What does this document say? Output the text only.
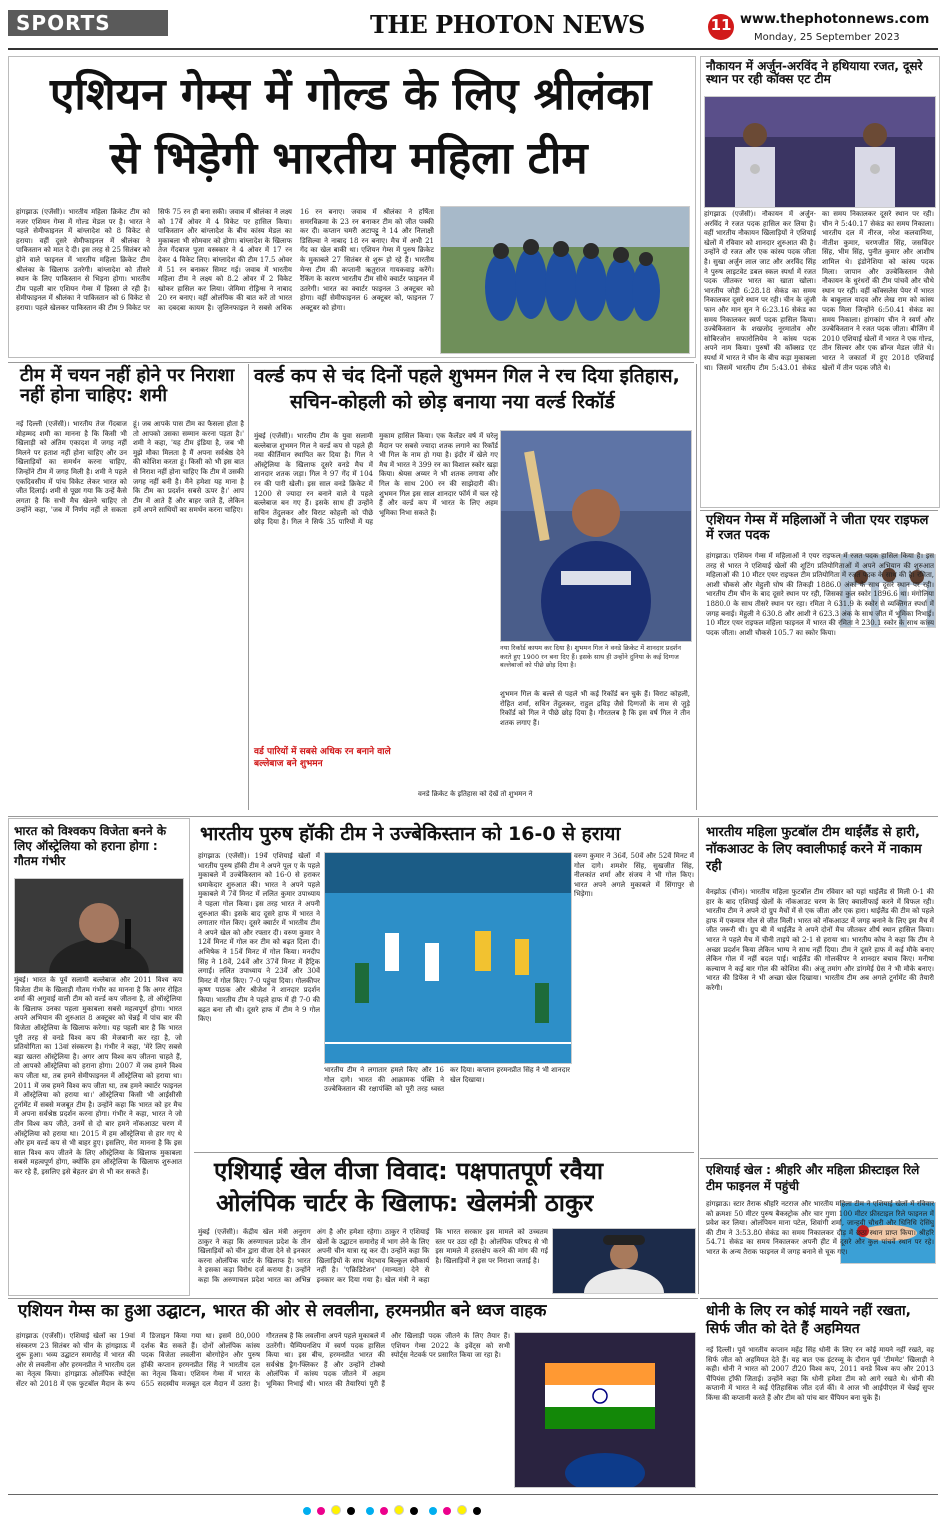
SPORTS	THE PHOTON NEWS	11 www.thephotonnews.com
Monday, 25 September 2023
एशियन गेम्स में गोल्ड के लिए श्रीलंका
से भिड़ेगी भारतीय महिला टीम
हांगझाऊ (एजेंसी)। भारतीय महिला क्रिकेट टीम को नजर एशियन गेम्स में गोल्ड मेडल पर है। भारत ने पहले सेमीफाइनल में बांग्लादेश को 8 विकेट से हराया। वहीं दूसरे सेमीफाइनल में श्रीलंका ने पाकिस्तान को मात दे दी। इस तरह से 25 सितंबर को होने वाले फाइनल में भारतीय महिला क्रिकेट टीम श्रीलंका के खिलाफ उतरेगी। बांग्लादेश को तीसरे स्थान के लिए पाकिस्तान से भिड़ना होगा। भारतीय टीम पहली बार एशियन गेम्स में हिस्सा ले रही है। सेमीफाइनल में श्रीलंका ने पाकिस्तान को 6 विकेट से हराया। पहले खेलकर पाकिस्तान की टीम 9 विकेट पर सिर्फ 75 रन ही बना सकी। जवाब में श्रीलंका ने लक्ष्य को 17वें ओवर में 4 विकेट पर हासिल किया। पाकिस्तान और बांग्लादेश के बीच कांस्य मेडल का मुकाबला भी सोमवार को होगा। बांग्लादेश के खिलाफ तेज गेंदबाज पूजा वस्त्रकार ने 4 ओवर में 17 रन देकर 4 विकेट लिए। बांग्लादेश की टीम 17.5 ओवर में 51 रन बनाकर सिमट गई। जवाब में भारतीय महिला टीम ने लक्ष्य को 8.2 ओवर में 2 विकेट खोकर हासिल कर लिया। जेमिमा रोड्रिग्स ने नाबाद 20 रन बनाए। वहीं ओलंपिक की बात करें तो भारत का दबदबा कायम है। जुलिनफाइल ने सबसे अधिक 16 रन बनाए। जवाब में श्रीलंका ने हर्षिता समरविक्रमा के 23 रन बनाकर टीम को जीत पक्की कर दी। कप्तान चमरी अटापट्टू ने 14 और निलाक्षी डिसिल्वा ने नाबाद 18 रन बनाए। मैच में अभी 21 गेंद का खेल बाकी था। एशियन गेम्स में पुरुष क्रिकेट के मुकाबले 27 सितंबर से शुरू हो रहे हैं। भारतीय मेन्स टीम की कप्तानी ऋतुराज गायकवाड़ करेंगे। रैंकिंग के कारण भारतीय टीम सीधे क्वार्टर फाइनल में उतरेगी। भारत का क्वार्टर फाइनल 3 अक्टूबर को होगा। वहीं सेमीफाइनल 6 अक्टूबर को, फाइनल 7 अक्टूबर को होगा।
नौकायन में अर्जुन-अरविंद ने हथियाया रजत, दूसरे स्थान पर रही कॉक्स एट टीम
हांगझाऊ (एजेंसी)। नौकायन में अर्जुन-अरविंद ने रजत पदक हासिल कर लिया है। वहीं भारतीय नौकायन खिलाड़ियों ने एशियाई खेलों में रविवार को शानदार शुरुआत की है। उन्होंने दो रजत और एक कांस्य पदक जीता है। सुखा अर्जुन लाल जाट और अरविंद सिंह ने पुरुष लाइटवेट डबल स्कल स्पर्धा में रजत पदक जीतकर भारत का खाता खोला। भारतीय जोड़ी 6:28.18 सेकंड का समय निकालकर दूसरे स्थान पर रही। चीन के जुंजी फान और मान सुन ने 6:23.16 सेकंड का समय निकालकर स्वर्ण पदक हासिल किया। उज्बेकिस्तान के शखजोद नूरमातोव और सोबिरजोन सफारोलियेव ने कांस्य पदक अपने नाम किया। पुरुषों की कॉक्सड एट स्पर्धा में भारत ने चीन के बीच कड़ा मुकाबला था। जिसमें भारतीय टीम 5:43.01 सेकंड का समय निकालकर दूसरे स्थान पर रही। चीन ने 5:40.17 सेकंड का समय निकाला। भारतीय दल में नीरज, नरेश कलवानिया, नीतीश कुमार, चरणजीत सिंह, जसविंदर सिंह, भीम सिंह, पुनीत कुमार और आशीष शामिल थे। इंडोनेशिया को कांस्य पदक मिला। जापान और उज्बेकिस्तान जैसे नौकायन के धुरंधरों की टीम पांचवें और चौथे स्थान पर रहीं। वहीं कॉक्सलेस पेयर में भारत के बाबूलाल यादव और लेख राम को कांस्य पदक मिला जिन्होंने 6:50.41 सेकंड का समय निकाला। हांगकांग चीन ने स्वर्ण और उज्बेकिस्तान ने रजत पदक जीता। बीजिंग में 2010 एशियाई खेलों में भारत ने एक गोल्ड, तीन सिल्वर और एक ब्रॉन्ज मेडल जीते थे। भारत ने जकार्ता में हुए 2018 एशियाई खेलों में तीन पदक जीते थे।
टीम में चयन नहीं होने पर निराशा नहीं होना चाहिए: शमी
नई दिल्ली (एजेंसी)। भारतीय तेज गेंदबाज मोहम्मद शमी का मानना है कि किसी भी खिलाड़ी को अंतिम एकादश में जगह नहीं मिलने पर हताश नहीं होना चाहिए और उन खिलाड़ियों का समर्थन करना चाहिए, जिन्होंने टीम में जगह मिली है। शमी ने पहले एकदिवसीय में पांच विकेट लेकर भारत को जीत दिलाई। शमी से पूछा गया कि उन्हें कैसे लगता है कि सभी मैच खेलने चाहिए तो उन्होंने कहा, 'जब में निर्णय नहीं ले सकता हूं। जब आपके पास टीम का फैसला होता है तो आपको उसका सम्मान करना पड़ता है।' शमी ने कहा, 'यह टीम इंडिया है, जब भी मुझे मौका मिलता है मैं अपना सर्वश्रेष्ठ देने की कोशिश करता हूं। किसी को भी इस बात से निराश नहीं होना चाहिए कि टीम में उसकी जगह नहीं बनी है। मैंने हमेशा यह माना है कि टीम का प्रदर्शन सबसे ऊपर है।' आप टीम में आते हैं और बाहर जाते हैं, लेकिन हमें अपने साथियों का समर्थन करना चाहिए।
वर्ल्ड कप से चंद दिनों पहले शुभमन गिल ने रच दिया इतिहास,
सचिन-कोहली को छोड़ बनाया नया वर्ल्ड रिकॉर्ड
मुंबई (एजेंसी)। भारतीय टीम के युवा सलामी बल्लेबाज शुभमन गिल ने वर्ल्ड कप से पहले ही नया कीर्तिमान स्थापित कर दिया है। गिल ने ऑस्ट्रेलिया के खिलाफ दूसरे वनडे मैच में शानदार शतक जड़ा। गिल ने 97 गेंद में 104 रन की पारी खेली। इस साल वनडे क्रिकेट में 1200 से ज्यादा रन बनाने वाले वे पहले बल्लेबाज बन गए हैं। इसके साथ ही उन्होंने सचिन तेंदुलकर और विराट कोहली को पीछे छोड़ दिया है। गिल ने सिर्फ 35 पारियों में यह मुकाम हासिल किया। एक कैलेंडर वर्ष में घरेलू मैदान पर सबसे ज्यादा शतक लगाने का रिकॉर्ड भी गिल के नाम हो गया है। इंदौर में खेले गए मैच में भारत ने 399 रन का विशाल स्कोर खड़ा किया। श्रेयस अय्यर ने भी शतक लगाया और गिल के साथ 200 रन की साझेदारी की। शुभमन गिल इस साल शानदार फॉर्म में चल रहे हैं और वर्ल्ड कप में भारत के लिए अहम भूमिका निभा सकते हैं।
वर्ड पारियों में सबसे अधिक रन बनाने वाले बल्लेबाज बने शुभमन
वनडे क्रिकेट के इतिहास को देखें तो शुभमन ने
नया रिकॉर्ड कायम कर दिया है। शुभमन गिल ने वनडे क्रिकेट में शानदार प्रदर्शन करते हुए 1900 रन बना दिए हैं। इसके साथ ही उन्होंने दुनिया के कई दिग्गज बल्लेबाजों को पीछे छोड़ दिया है।
शुभमन गिल के बल्ले से पहले भी कई रिकॉर्ड बन चुके हैं। विराट कोहली, रोहित शर्मा, सचिन तेंदुलकर, राहुल द्रविड़ जैसे दिग्गजों के नाम से जुड़े रिकॉर्ड को गिल ने पीछे छोड़ दिया है। गौरतलब है कि इस वर्ष गिल ने तीन शतक लगाए हैं।
एशियन गेम्स में महिलाओं ने जीता एयर राइफल में रजत पदक
हांगझाऊ। एशियन गेम्स में महिलाओं ने एयर राइफल में रजत पदक हासिल किया है। इस तरह से भारत ने एशियाई खेलों की शूटिंग प्रतियोगिताओं में अपने अभियान की शुरुआत महिलाओं की 10 मीटर एयर राइफल टीम प्रतियोगिता में रजत पदक के साथ की है। रमिता, आशी चौकसे और मेहुली घोष की तिकड़ी 1886.0 अंकों के साथ दूसरे स्थान पर रही। भारतीय टीम चीन के बाद दूसरे स्थान पर रही, जिसका कुल स्कोर 1896.6 था। मंगोलिया 1880.0 के साथ तीसरे स्थान पर रहा। रमिता ने 631.9 के स्कोर से व्यक्तिगत स्पर्धा में जगह बनाई। मेहुली ने 630.8 और आशी ने 623.3 अंक के साथ जीत में भूमिका निभाई। 10 मीटर एयर राइफल महिला फाइनल में भारत की रमिता ने 230.1 स्कोर के साथ कांस्य पदक जीता। आशी चौकसे 105.7 का स्कोर किया।
भारत को विश्वकप विजेता बनने के लिए ऑस्ट्रेलिया को हराना होगा : गौतम गंभीर
मुंबई। भारत के पूर्व सलामी बल्लेबाज और 2011 विश्व कप विजेता टीम के खिलाड़ी गौतम गंभीर का मानना है कि अगर रोहित शर्मा की अगुवाई वाली टीम को वर्ल्ड कप जीतना है, तो ऑस्ट्रेलिया के खिलाफ उनका पहला मुकाबला सबसे महत्वपूर्ण होगा। भारत अपने अभियान की शुरुआत 8 अक्टूबर को चेन्नई में पांच बार की विजेता ऑस्ट्रेलिया के खिलाफ करेगा। यह पहली बार है कि भारत पूरी तरह से वनडे विश्व कप की मेजबानी कर रहा है, जो प्रतियोगिता का 13वां संस्करण है। गंभीर ने कहा, 'मेरे लिए सबसे बड़ा खतरा ऑस्ट्रेलिया है। अगर आप विश्व कप जीतना चाहते हैं, तो आपको ऑस्ट्रेलिया को हराना होगा। 2007 में जब हमने विश्व कप जीता था, तब हमने सेमीफाइनल में ऑस्ट्रेलिया को हराया था। 2011 में जब हमने विश्व कप जीता था, तब हमने क्वार्टर फाइनल में ऑस्ट्रेलिया को हराया था।' ऑस्ट्रेलिया किसी भी आईसीसी टूर्नामेंट में सबसे मजबूत टीम है। उन्होंने कहा कि भारत को हर मैच में अपना सर्वश्रेष्ठ प्रदर्शन करना होगा। गंभीर ने कहा, भारत ने जो तीन विश्व कप जीते, उनमें से दो बार हमने नॉकआउट चरण में ऑस्ट्रेलिया को हराया था। 2015 में हम ऑस्ट्रेलिया से हार गए थे और हम वर्ल्ड कप से भी बाहर हुए। इसलिए, मेरा मानना है कि इस साल विश्व कप जीतने के लिए ऑस्ट्रेलिया के खिलाफ मुकाबला सबसे महत्वपूर्ण होगा, क्योंकि हम ऑस्ट्रेलिया के खिलाफ शुरुआत कर रहे हैं, इसलिए इसे बेहतर ढंग से भी कर सकते हैं।
भारतीय पुरुष हॉकी टीम ने उज्बेकिस्तान को 16-0 से हराया
हांगझाऊ (एजेंसी)। 19वें एशियाई खेलों में भारतीय पुरुष हॉकी टीम ने अपने पूल ए के पहले मुकाबले में उज्बेकिस्तान को 16-0 से हराकर धमाकेदार शुरुआत की। भारत ने अपने पहले मुकाबले में 7वें मिनट में ललित कुमार उपाध्याय ने पहला गोल किया। इस तरह भारत ने अपनी शुरुआत की। इसके बाद दूसरे हाफ में भारत ने लगातार गोल किए। दूसरे क्वार्टर में भारतीय टीम ने अपने खेल को और रफ्तार दी। वरुण कुमार ने 12वें मिनट में गोल कर टीम को बढ़त दिला दी। अभिषेक ने 15वें मिनट में गोल किया। मनदीप सिंह ने 18वें, 24वें और 37वें मिनट में हैट्रिक लगाई। ललित उपाध्याय ने 23वें और 30वें मिनट में गोल किए। 7-0 पहुंचा दिया। गोलकीपर कृष्ण पाठक और श्रीजेश ने शानदार प्रदर्शन किया। भारतीय टीम ने पहले हाफ में ही 7-0 की बढ़त बना ली थी। दूसरे हाफ में टीम ने 9 गोल किए।
वरुण कुमार ने 36वें, 50वें और 52वें मिनट में गोल दागे। शमशेर सिंह, सुखजीत सिंह, नीलकांत शर्मा और संजय ने भी गोल किए। भारत अपने अगले मुकाबले में सिंगापुर से भिड़ेगा।
भारतीय टीम ने लगातार हमले किए और 16 गोल दागे। भारत की आक्रामक पंक्ति ने उज्बेकिस्तान की रक्षापंक्ति को पूरी तरह ध्वस्त कर दिया। कप्तान हरमनप्रीत सिंह ने भी शानदार खेल दिखाया।
भारतीय महिला फुटबॉल टीम थाईलैंड से हारी, नॉकआउट के लिए क्वालीफाई करने में नाकाम रही
वेनझोऊ (चीन)। भारतीय महिला फुटबॉल टीम रविवार को यहां थाईलैंड से मिली 0-1 की हार के बाद एशियाई खेलों के नॉकआउट चरण के लिए क्वालीफाई करने में विफल रही। भारतीय टीम ने अपने दो ग्रुप मैचों में से एक जीता और एक हारा। थाईलैंड की टीम को पहले हाफ में एकमात्र गोल से जीत मिली। भारत को नॉकआउट में जगह बनाने के लिए इस मैच में जीत जरूरी थी। ग्रुप बी में थाईलैंड ने अपने दोनों मैच जीतकर शीर्ष स्थान हासिल किया। भारत ने पहले मैच में चीनी ताइपे को 2-1 से हराया था। भारतीय कोच ने कहा कि टीम ने अच्छा प्रदर्शन किया लेकिन भाग्य ने साथ नहीं दिया। टीम ने दूसरे हाफ में कई मौके बनाए लेकिन गोल में नहीं बदल पाई। थाईलैंड की गोलकीपर ने शानदार बचाव किए। मनीषा कल्याण ने कई बार गोल की कोशिश की। अंजू तमांग और डांगमेई ग्रेस ने भी मौके बनाए। भारत की डिफेंस ने भी अच्छा खेल दिखाया। भारतीय टीम अब अगले टूर्नामेंट की तैयारी करेगी।
एशियाई खेल : श्रीहरि और महिला फ्रीस्टाइल रिले टीम फाइनल में पहुंची
हांगझाऊ। स्टार तैराक श्रीहरि नटराज और भारतीय महिला टीम ने एशियाई खेलों में रविवार को क्रमशः 50 मीटर पुरुष बैकस्ट्रोक और चार गुणा 100 मीटर फ्रीस्टाइल रिले फाइनल में प्रवेश कर लिया। ओलंपियन माना पटेल, शिवांगी शर्मा, जान्हवी चौधरी और धिनिधि देसिंघु की टीम ने 3:53.80 सेकंड का समय निकालकर दौड़ में छठा स्थान प्राप्त किया। श्रीहरि 54.71 सेकंड का समय निकालकर अपनी हीट में दूसरे और कुल पांचवें स्थान पर रहे। भारत के अन्य तैराक फाइनल में जगह बनाने से चूक गए।
एशियाई खेल वीजा विवाद: पक्षपातपूर्ण रवैया
ओलंपिक चार्टर के खिलाफ: खेलमंत्री ठाकुर
मुंबई (एजेंसी)। केंद्रीय खेल मंत्री अनुराग ठाकुर ने कहा कि अरुणाचल प्रदेश के तीन खिलाड़ियों को चीन द्वारा वीजा देने से इनकार करना ओलंपिक चार्टर के खिलाफ है। भारत ने इसका कड़ा विरोध दर्ज कराया है। उन्होंने कहा कि अरुणाचल प्रदेश भारत का अभिन्न अंग है और हमेशा रहेगा। ठाकुर ने एशियाई खेलों के उद्घाटन समारोह में भाग लेने के लिए अपनी चीन यात्रा रद्द कर दी। उन्होंने कहा कि खिलाड़ियों के साथ भेदभाव बिल्कुल स्वीकार्य नहीं है। 'एक्रिडिटेशन' (मान्यता) देने से इनकार कर दिया गया है। खेल मंत्री ने कहा कि भारत सरकार इस मामले को उच्चतम स्तर पर उठा रही है। ओलंपिक परिषद से भी इस मामले में हस्तक्षेप करने की मांग की गई है। खिलाड़ियों ने इस पर निराशा जताई है।
धोनी के लिए रन कोई मायने नहीं रखता, सिर्फ जीत को देते हैं अहमियत
नई दिल्ली। पूर्व भारतीय कप्तान महेंद्र सिंह धोनी के लिए रन कोई मायने नहीं रखते, वह सिर्फ जीत को अहमियत देते हैं। यह बात एक इंटरव्यू के दौरान पूर्व 'टीममेट' खिलाड़ी ने कही। धोनी ने भारत को 2007 टी20 विश्व कप, 2011 वनडे विश्व कप और 2013 चैंपियंस ट्रॉफी जिताई। उन्होंने कहा कि धोनी हमेशा टीम को आगे रखते थे। धोनी की कप्तानी में भारत ने कई ऐतिहासिक जीत दर्ज कीं। वे आज भी आईपीएल में चेन्नई सुपर किंग्स की कप्तानी करते हैं और टीम को पांच बार चैंपियन बना चुके हैं।
एशियन गेम्स का हुआ उद्घाटन, भारत की ओर से लवलीना, हरमनप्रीत बने ध्वज वाहक
हांगझाऊ (एजेंसी)। एशियाई खेलों का 19वां संस्करण 23 सितंबर को चीन के हांगझाऊ में शुरू हुआ। भव्य उद्घाटन समारोह में भारत की ओर से लवलीना और हरमनप्रीत ने भारतीय दल का नेतृत्व किया। हांगझाऊ ओलंपिक स्पोर्ट्स सेंटर को 2018 में एक फुटबॉल मैदान के रूप में डिजाइन किया गया था। इसमें 80,000 दर्शक बैठ सकते हैं। दोनों ओलंपिक कांस्य पदक विजेता लवलीना बोरगोहेन और पुरुष हॉकी कप्तान हरमनप्रीत सिंह ने भारतीय दल का नेतृत्व किया। एशियन गेम्स में भारत के 655 सदस्यीय मजबूत दल मैदान में उतरा है। गौरतलब है कि लवलीना अपने पहले मुकाबले में उतरेंगी। चैम्पियनशिप में स्वर्ण पदक हासिल किया था। इस बीच, हरमनप्रीत भारत की सर्वश्रेष्ठ ड्रैग-फ्लिकर हैं और उन्होंने टोक्यो ओलंपिक में कांस्य पदक जीतने में अहम भूमिका निभाई थी। भारत की तैयारियां पूरी हैं और खिलाड़ी पदक जीतने के लिए तैयार हैं। एशियन गेम्स 2022 के इवेंट्स को सभी स्पोर्ट्स नेटवर्क पर प्रसारित किया जा रहा है।
